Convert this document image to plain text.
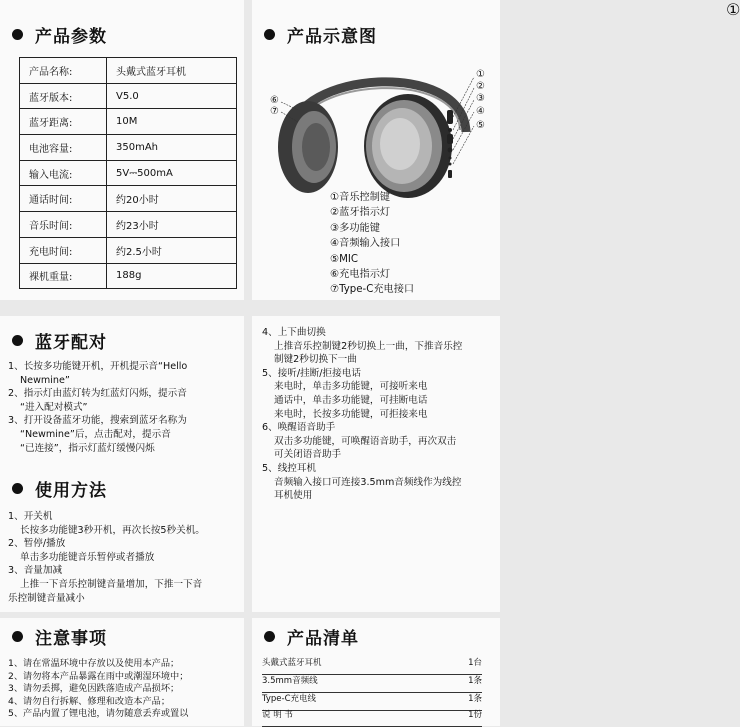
产品参数
产品名称:	头戴式蓝牙耳机
蓝牙版本:	V5.0
蓝牙距离:	10M
电池容量:	350mAh
输入电流:	5V⎓500mA
通话时间:	约20小时
音乐时间:	约23小时
充电时间:	约2.5小时
裸机重量:	188g
产品示意图
①
①
②
③
④
⑤
⑥
⑦
①音乐控制键
②蓝牙指示灯
③多功能键
④音频输入接口
⑤MIC
⑥充电指示灯
⑦Type-C充电接口
蓝牙配对
1、长按多功能键开机，开机提示音“Hello
Newmine”
2、指示灯由蓝灯转为红蓝灯闪烁，提示音
“进入配对模式”
3、打开设备蓝牙功能，搜索到蓝牙名称为
“Newmine”后，点击配对，提示音
“已连接”，指示灯蓝灯缓慢闪烁
使用方法
1、开关机
长按多功能键3秒开机，再次长按5秒关机。
2、暂停/播放
单击多功能键音乐暂停或者播放
3、音量加减
上推一下音乐控制键音量增加，下推一下音
乐控制键音量减小
4、上下曲切换
上推音乐控制键2秒切换上一曲，下推音乐控
制键2秒切换下一曲
5、接听/挂断/拒接电话
来电时，单击多功能键，可接听来电
通话中，单击多功能键，可挂断电话
来电时，长按多功能键，可拒接来电
6、唤醒语音助手
双击多功能键，可唤醒语音助手，再次双击
可关闭语音助手
5、线控耳机
音频输入接口可连接3.5mm音频线作为线控
耳机使用
注意事项
1、请在常温环境中存放以及使用本产品；
2、请勿将本产品暴露在雨中或潮湿环境中；
3、请勿丢掷，避免因跌落造成产品损坏；
4、请勿自行拆解、修理和改造本产品；
5、产品内置了锂电池，请勿随意丢弃或置以
产品清单
头戴式蓝牙耳机	1台
3.5mm音频线	1条
Type-C充电线	1条
说 明 书	1份
